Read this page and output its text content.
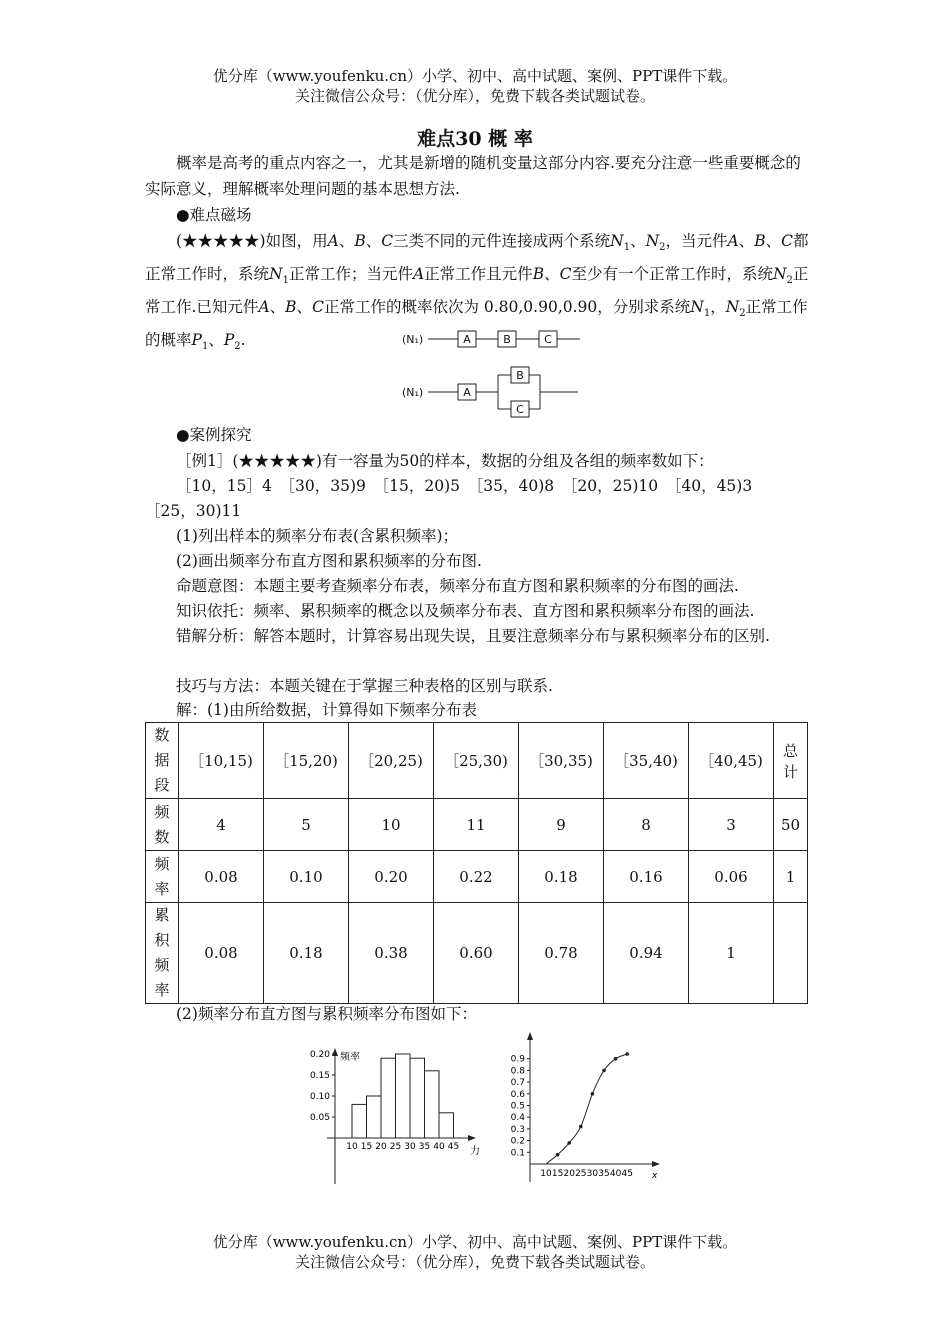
优分库（www.youfenku.cn）小学、初中、高中试题、案例、PPT课件下载。
关注微信公众号：（优分库），免费下载各类试题试卷。
难点30 概 率
概率是高考的重点内容之一，尤其是新增的随机变量这部分内容.要充分注意一些重要概念的实际意义，理解概率处理问题的基本思想方法.
●难点磁场
(★★★★★)如图，用A、B、C三类不同的元件连接成两个系统$N_1$、$N_2$，当元件A、B、C都正常工作时，系统$N_1$正常工作；当元件A正常工作且元件B、C至少有一个正常工作时，系统$N_2$正常工作.已知元件A、B、C正常工作的概率依次为 0.80,0.90,0.90，分别求系统$N_1$，$N_2$正常工作的概率$P_1$、$P_2$.	(N₁)
(N₁)
A	B	C
A
B
C
●案例探究
［例1］(★★★★★)有一容量为50的样本，数据的分组及各组的频率数如下：
［10，15］4　［30，35)9　［15，20)5　［35，40)8　［20，25)10　［40，45)3
［25，30)11
(1)列出样本的频率分布表(含累积频率)；
(2)画出频率分布直方图和累积频率的分布图.
命题意图：本题主要考查频率分布表，频率分布直方图和累积频率的分布图的画法.
知识依托：频率、累积频率的概念以及频率分布表、直方图和累积频率分布图的画法.
错解分析：解答本题时，计算容易出现失误，且要注意频率分布与累积频率分布的区别.
技巧与方法：本题关键在于掌握三种表格的区别与联系.
解：(1)由所给数据，计算得如下频率分布表
数
据
段	［10,15)	［15,20)	［20,25)	［25,30)	［30,35)	［35,40)	［40,45)	总
计

频
数	4	5	10	11	9	8	3	50

频
率	0.08	0.10	0.20	0.22	0.18	0.16	0.06	1

累
积
频
率	0.08	0.18	0.38	0.60	0.78	0.94	1	
(2)频率分布直方图与累积频率分布图如下：
频率
力
0.05
0.10
0.15
0.20
10 15 20 25 30 35 40 45
x
0.1
0.2
0.3
0.4
0.5
0.6
0.7
0.8
0.9
10 15 20 25 30 35 40 45
优分库（www.youfenku.cn）小学、初中、高中试题、案例、PPT课件下载。
关注微信公众号：（优分库），免费下载各类试题试卷。
